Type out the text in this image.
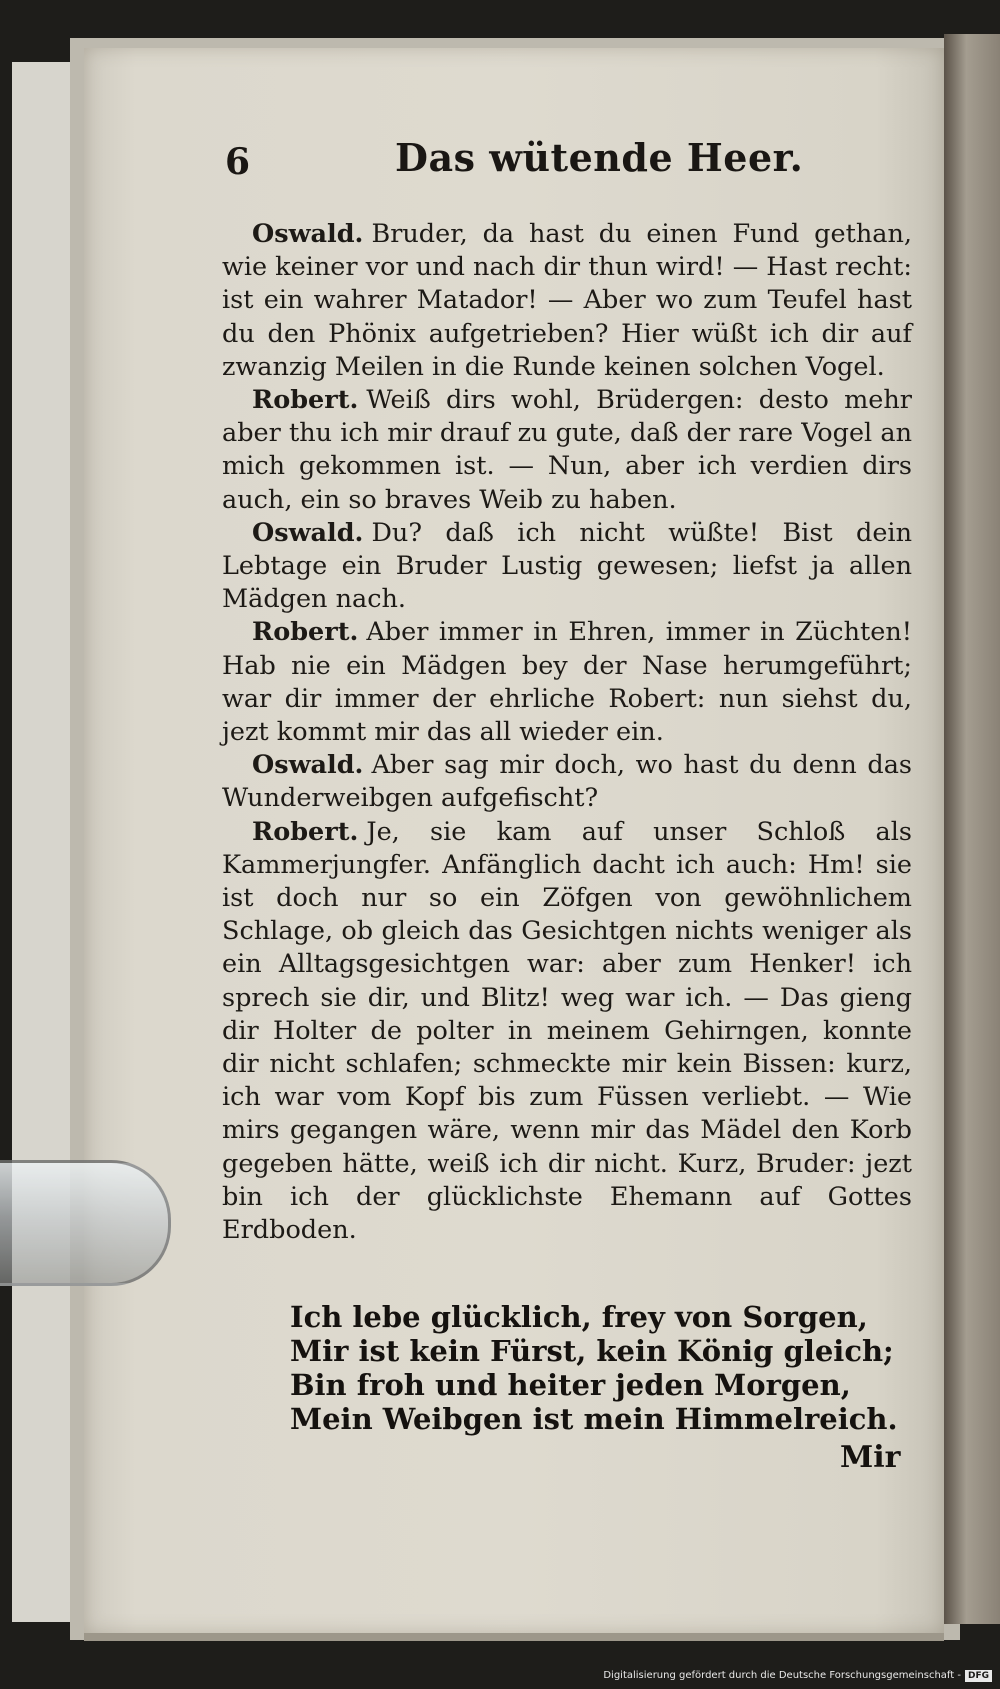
6	Das wütende Heer.

Oswald. Bruder, da hast du einen Fund gethan, wie keiner vor und nach dir thun wird! — Hast recht: ist ein wahrer Matador! — Aber wo zum Teufel hast du den Phönix aufgetrieben? Hier wüßt ich dir auf zwanzig Meilen in die Runde keinen solchen Vogel.

Robert. Weiß dirs wohl, Brüdergen: desto mehr aber thu ich mir drauf zu gute, daß der rare Vogel an mich gekommen ist. — Nun, aber ich verdien dirs auch, ein so braves Weib zu haben.

Oswald. Du? daß ich nicht wüßte! Bist dein Lebtage ein Bruder Lustig gewesen; liefst ja allen Mädgen nach.

Robert. Aber immer in Ehren, immer in Züchten! Hab nie ein Mädgen bey der Nase herumgeführt; war dir immer der ehrliche Robert: nun siehst du, jezt kommt mir das all wieder ein.

Oswald. Aber sag mir doch, wo hast du denn das Wunderweibgen aufgefischt?

Robert. Je, sie kam auf unser Schloß als Kammerjungfer. Anfänglich dacht ich auch: Hm! sie ist doch nur so ein Zöfgen von gewöhnlichem Schlage, ob gleich das Gesichtgen nichts weniger als ein Alltagsgesichtgen war: aber zum Henker! ich sprech sie dir, und Blitz! weg war ich. — Das gieng dir Holter de polter in meinem Gehirngen, konnte dir nicht schlafen; schmeckte mir kein Bissen: kurz, ich war vom Kopf bis zum Füssen verliebt. — Wie mirs gegangen wäre, wenn mir das Mädel den Korb gegeben hätte, weiß ich dir nicht. Kurz, Bruder: jezt bin ich der glücklichste Ehemann auf Gottes Erdboden.

Ich lebe glücklich, frey von Sorgen,
Mir ist kein Fürst, kein König gleich;
Bin froh und heiter jeden Morgen,
Mein Weibgen ist mein Himmelreich.
Mir
Digitalisierung gefördert durch die Deutsche Forschungsgemeinschaft - DFG
